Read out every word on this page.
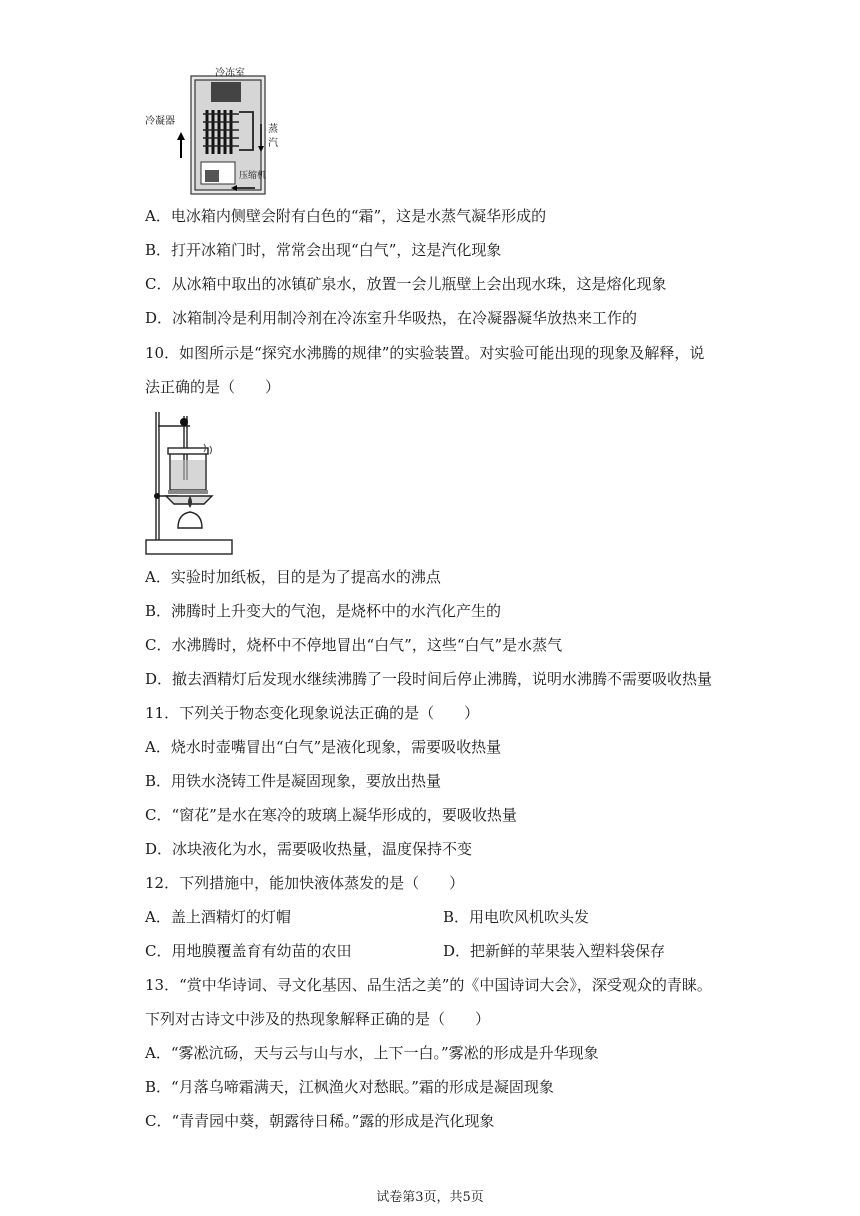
冷冻室
冷凝器
蒸
汽
压缩机
A．电冰箱内侧壁会附有白色的“霜”，这是水蒸气凝华形成的
B．打开冰箱门时，常常会出现“白气”，这是汽化现象
C．从冰箱中取出的冰镇矿泉水，放置一会儿瓶壁上会出现水珠，这是熔化现象
D．冰箱制冷是利用制冷剂在冷冻室升华吸热，在冷凝器凝华放热来工作的
10．如图所示是“探究水沸腾的规律”的实验装置。对实验可能出现的现象及解释，说
法正确的是（　　）
A．实验时加纸板，目的是为了提高水的沸点
B．沸腾时上升变大的气泡，是烧杯中的水汽化产生的
C．水沸腾时，烧杯中不停地冒出“白气”，这些“白气”是水蒸气
D．撤去酒精灯后发现水继续沸腾了一段时间后停止沸腾，说明水沸腾不需要吸收热量
11．下列关于物态变化现象说法正确的是（　　）
A．烧水时壶嘴冒出“白气”是液化现象，需要吸收热量
B．用铁水浇铸工件是凝固现象，要放出热量
C．“窗花”是水在寒冷的玻璃上凝华形成的，要吸收热量
D．冰块液化为水，需要吸收热量，温度保持不变
12．下列措施中，能加快液体蒸发的是（　　）
A．盖上酒精灯的灯帽	B．用电吹风机吹头发
C．用地膜覆盖育有幼苗的农田	D．把新鲜的苹果装入塑料袋保存
13．“赏中华诗词、寻文化基因、品生活之美”的《中国诗词大会》，深受观众的青睐。
下列对古诗文中涉及的热现象解释正确的是（　　）
A．“雾凇沆砀，天与云与山与水，上下一白。”雾凇的形成是升华现象
B．“月落乌啼霜满天，江枫渔火对愁眠。”霜的形成是凝固现象
C．“青青园中葵，朝露待日稀。”露的形成是汽化现象
试卷第3页，共5页
